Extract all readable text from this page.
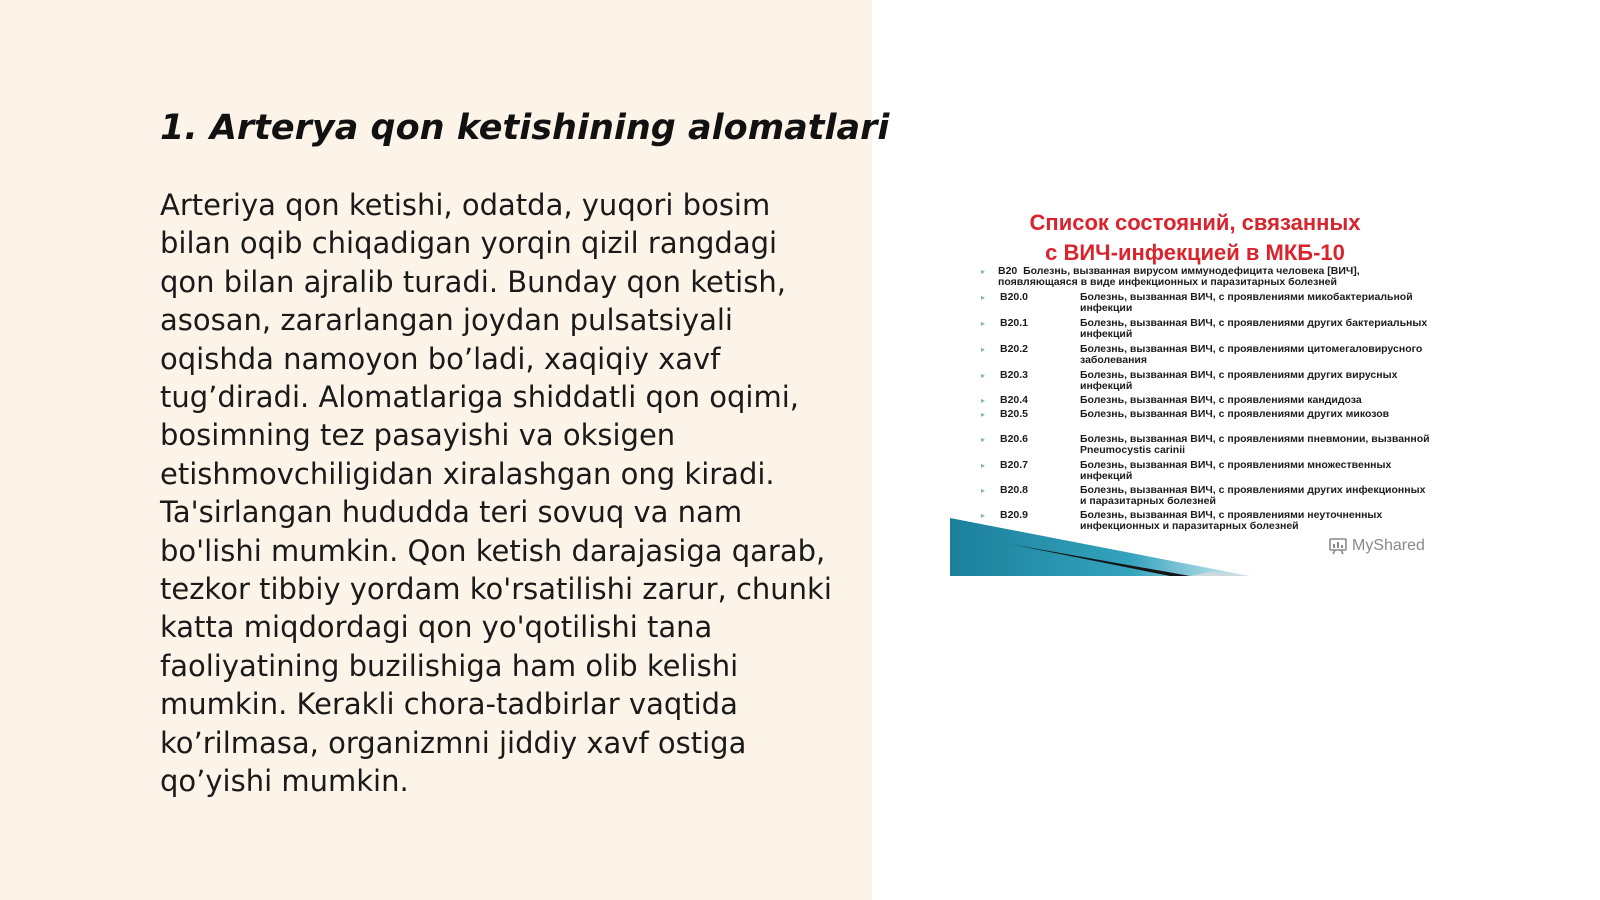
1. Arterya qon ketishining alomatlari

Arteriya qon ketishi, odatda, yuqori bosim bilan oqib chiqadigan yorqin qizil rangdagi qon bilan ajralib turadi. Bunday qon ketish, asosan, zararlangan joydan pulsatsiyali oqishda namoyon bo’ladi, xaqiqiy xavf tug’diradi. Alomatlariga shiddatli qon oqimi, bosimning tez pasayishi va oksigen etishmovchiligidan xiralashgan ong kiradi. Ta'sirlangan hududda teri sovuq va nam bo'lishi mumkin. Qon ketish darajasiga qarab, tezkor tibbiy yordam ko'rsatilishi zarur, chunki katta miqdordagi qon yo'qotilishi tana faoliyatining buzilishiga ham olib kelishi mumkin. Kerakli chora-tadbirlar vaqtida ko’rilmasa, organizmni jiddiy xavf ostiga qo’yishi mumkin.

Список состояний, связанных
с ВИЧ-инфекцией в МКБ-10
▸ B20 Болезнь, вызванная вирусом иммунодефицита человека [ВИЧ], появляющаяся в виде инфекционных и паразитарных болезней
▸ B20.0	Болезнь, вызванная ВИЧ, с проявлениями микобактериальной инфекции
▸ B20.1	Болезнь, вызванная ВИЧ, с проявлениями других бактериальных инфекций
▸ B20.2	Болезнь, вызванная ВИЧ, с проявлениями цитомегаловирусного заболевания
▸ B20.3	Болезнь, вызванная ВИЧ, с проявлениями других вирусных инфекций
▸ B20.4	Болезнь, вызванная ВИЧ, с проявлениями кандидоза
▸ B20.5	Болезнь, вызванная ВИЧ, с проявлениями других микозов
▸ B20.6	Болезнь, вызванная ВИЧ, с проявлениями пневмонии, вызванной Pneumocystis carinii
▸ B20.7	Болезнь, вызванная ВИЧ, с проявлениями множественных инфекций
▸ B20.8	Болезнь, вызванная ВИЧ, с проявлениями других инфекционных и паразитарных болезней
▸ B20.9	Болезнь, вызванная ВИЧ, с проявлениями неуточненных инфекционных и паразитарных болезней
MyShared
